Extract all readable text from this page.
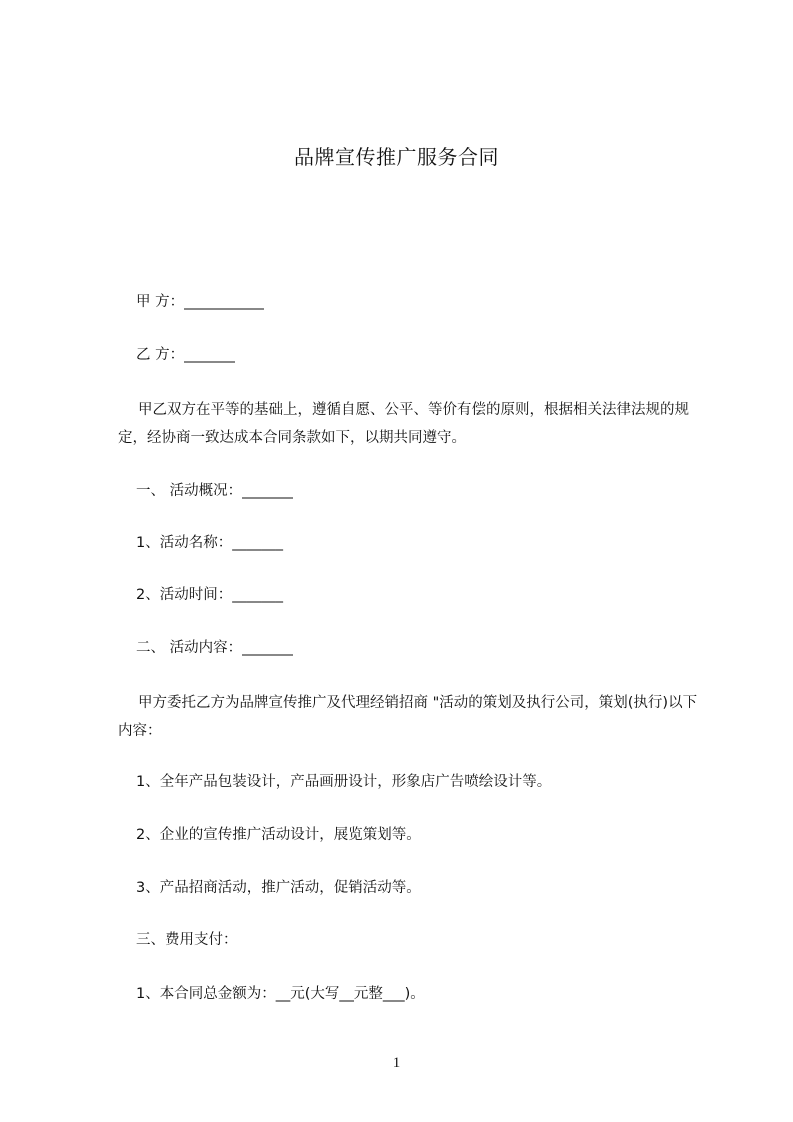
品牌宣传推广服务合同
甲 方：___________
乙 方：_______
甲乙双方在平等的基础上，遵循自愿、公平、等价有偿的原则，根据相关法律法规的规定，经协商一致达成本合同条款如下，以期共同遵守。
一、 活动概况：_______
1、活动名称：_______
2、活动时间：_______
二、 活动内容：_______
甲方委托乙方为品牌宣传推广及代理经销招商 "活动的策划及执行公司，策划(执行)以下内容：
1、全年产品包装设计，产品画册设计，形象店广告喷绘设计等。
2、企业的宣传推广活动设计，展览策划等。
3、产品招商活动，推广活动，促销活动等。
三、费用支付：
1、本合同总金额为：__元(大写__元整___)。
1
